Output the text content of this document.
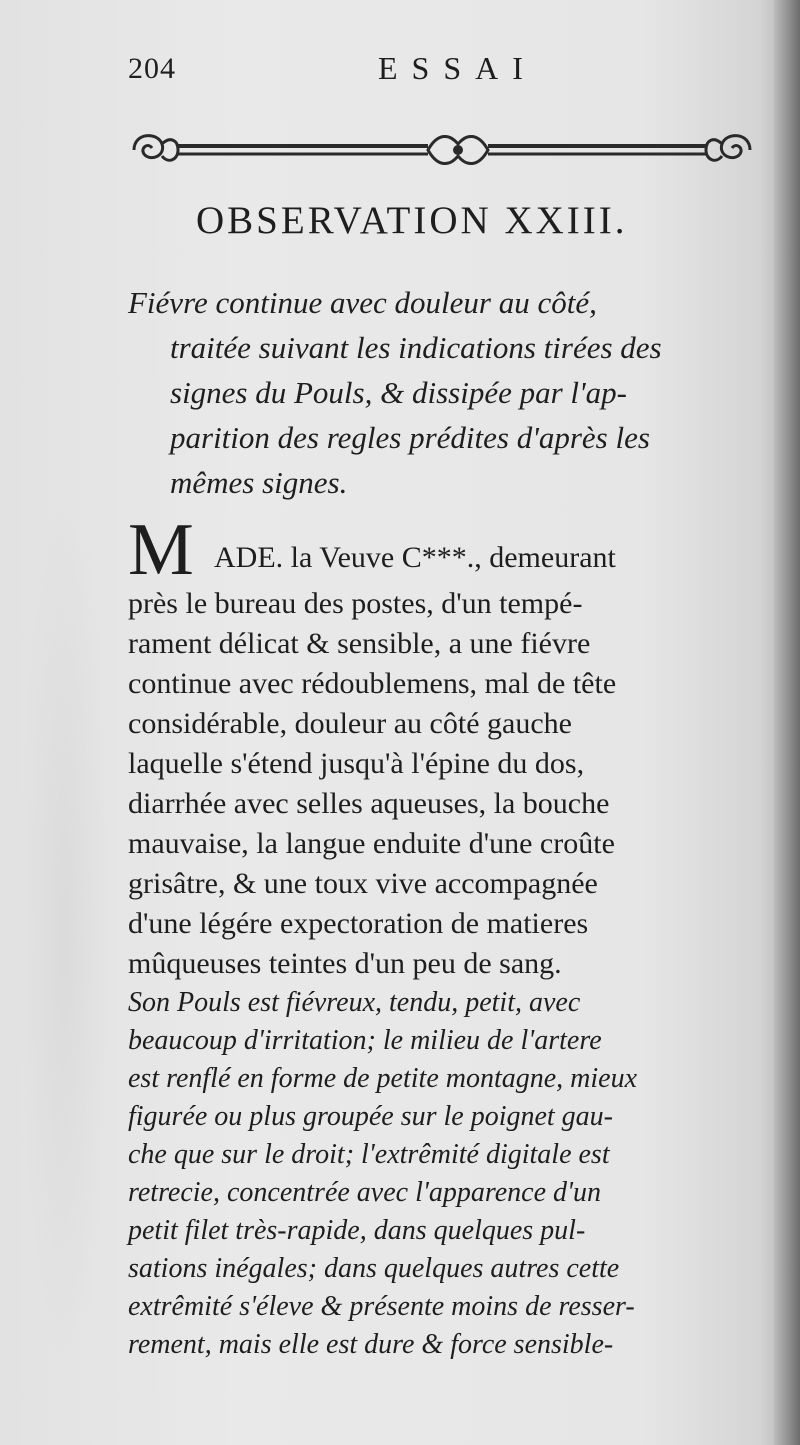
204	ESSAI
OBSERVATION XXIII.
Fiévre continue avec douleur au côté,
traitée suivant les indications tirées des
signes du Pouls, & dissipée par l'ap-
parition des regles prédites d'après les
mêmes signes.
M ADE. la Veuve C***., demeurant
près le bureau des postes, d'un tempé-
rament délicat & sensible, a une fiévre
continue avec rédoublemens, mal de tête
considérable, douleur au côté gauche
laquelle s'étend jusqu'à l'épine du dos,
diarrhée avec selles aqueuses, la bouche
mauvaise, la langue enduite d'une croûte
grisâtre, & une toux vive accompagnée
d'une légére expectoration de matieres
mûqueuses teintes d'un peu de sang.
Son Pouls est fiévreux, tendu, petit, avec
beaucoup d'irritation; le milieu de l'artere
est renflé en forme de petite montagne, mieux
figurée ou plus groupée sur le poignet gau-
che que sur le droit; l'extrêmité digitale est
retrecie, concentrée avec l'apparence d'un
petit filet très-rapide, dans quelques pul-
sations inégales; dans quelques autres cette
extrêmité s'éleve & présente moins de resser-
rement, mais elle est dure & force sensible-
